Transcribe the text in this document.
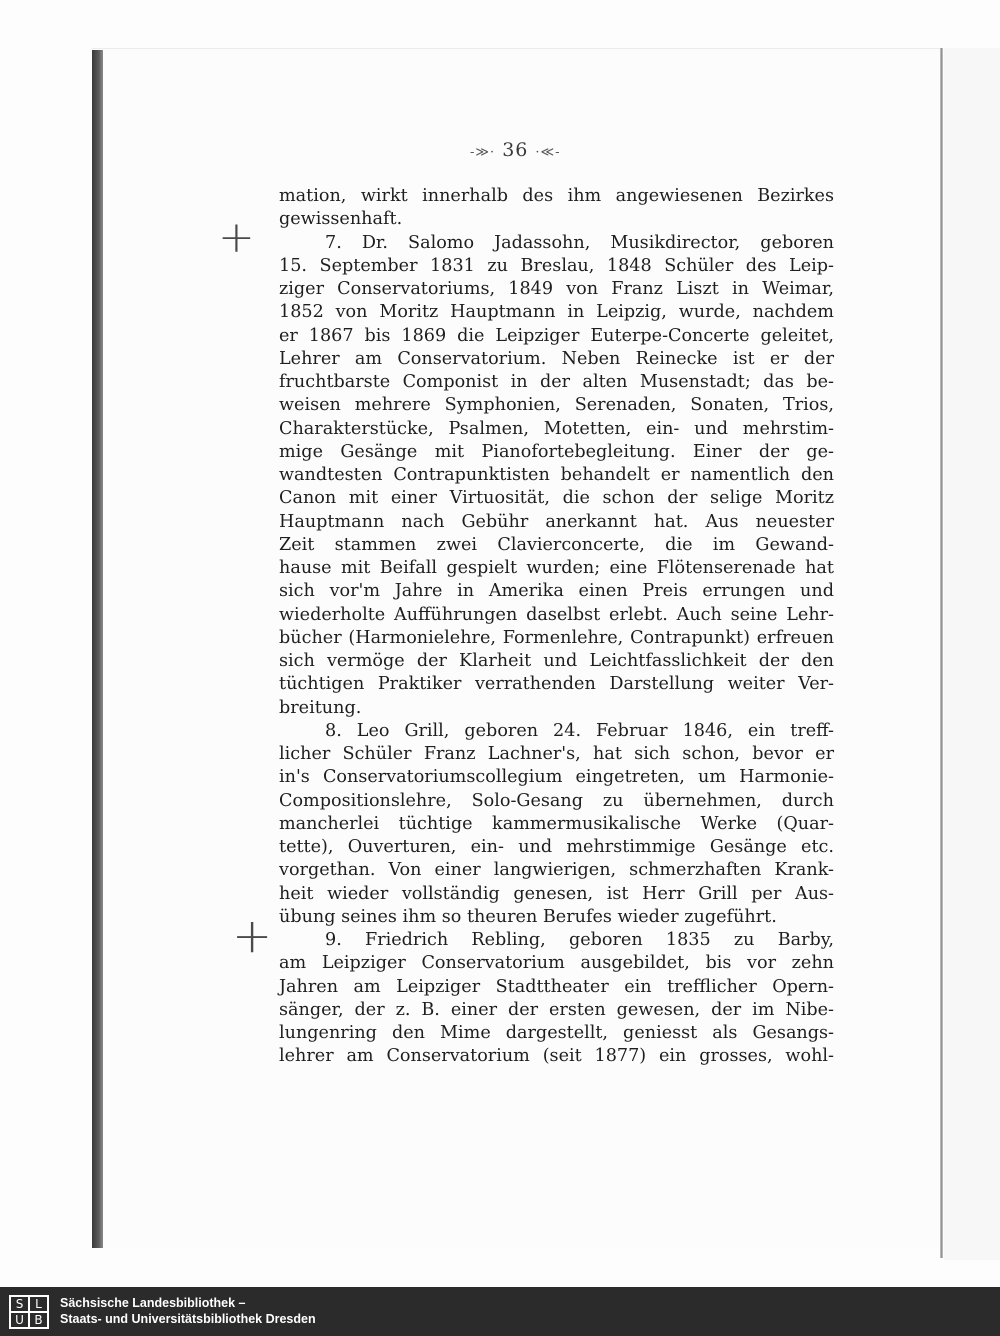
-≫· 36 ·≪-
+
+
mation, wirkt innerhalb des ihm angewiesenen Bezirkes
gewissenhaft.
7. Dr. Salomo Jadassohn, Musikdirector, geboren
15. September 1831 zu Breslau, 1848 Schüler des Leip-
ziger Conservatoriums, 1849 von Franz Liszt in Weimar,
1852 von Moritz Hauptmann in Leipzig, wurde, nachdem
er 1867 bis 1869 die Leipziger Euterpe-Concerte geleitet,
Lehrer am Conservatorium. Neben Reinecke ist er der
fruchtbarste Componist in der alten Musenstadt; das be-
weisen mehrere Symphonien, Serenaden, Sonaten, Trios,
Charakterstücke, Psalmen, Motetten, ein- und mehrstim-
mige Gesänge mit Pianofortebegleitung. Einer der ge-
wandtesten Contrapunktisten behandelt er namentlich den
Canon mit einer Virtuosität, die schon der selige Moritz
Hauptmann nach Gebühr anerkannt hat. Aus neuester
Zeit stammen zwei Clavierconcerte, die im Gewand-
hause mit Beifall gespielt wurden; eine Flötenserenade hat
sich vor'm Jahre in Amerika einen Preis errungen und
wiederholte Aufführungen daselbst erlebt. Auch seine Lehr-
bücher (Harmonielehre, Formenlehre, Contrapunkt) erfreuen
sich vermöge der Klarheit und Leichtfasslichkeit der den
tüchtigen Praktiker verrathenden Darstellung weiter Ver-
breitung.
8. Leo Grill, geboren 24. Februar 1846, ein treff-
licher Schüler Franz Lachner's, hat sich schon, bevor er
in's Conservatoriumscollegium eingetreten, um Harmonie-
Compositionslehre, Solo-Gesang zu übernehmen, durch
mancherlei tüchtige kammermusikalische Werke (Quar-
tette), Ouverturen, ein- und mehrstimmige Gesänge etc.
vorgethan. Von einer langwierigen, schmerzhaften Krank-
heit wieder vollständig genesen, ist Herr Grill per Aus-
übung seines ihm so theuren Berufes wieder zugeführt.
9. Friedrich Rebling, geboren 1835 zu Barby,
am Leipziger Conservatorium ausgebildet, bis vor zehn
Jahren am Leipziger Stadttheater ein trefflicher Opern-
sänger, der z. B. einer der ersten gewesen, der im Nibe-
lungenring den Mime dargestellt, geniesst als Gesangs-
lehrer am Conservatorium (seit 1877) ein grosses, wohl-
S L
U B
Sächsische Landesbibliothek –
Staats- und Universitätsbibliothek Dresden
